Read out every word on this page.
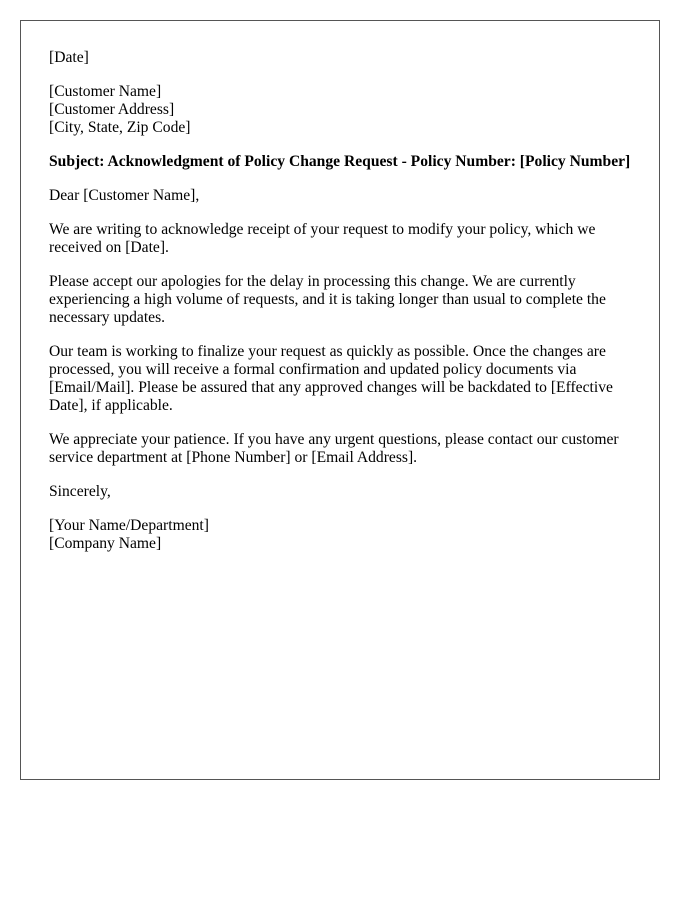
[Date]
[Customer Name]
[Customer Address]
[City, State, Zip Code]

Subject: Acknowledgment of Policy Change Request - Policy Number: [Policy Number]

Dear [Customer Name],

We are writing to acknowledge receipt of your request to modify your policy, which we received on [Date].

Please accept our apologies for the delay in processing this change. We are currently experiencing a high volume of requests, and it is taking longer than usual to complete the necessary updates.

Our team is working to finalize your request as quickly as possible. Once the changes are processed, you will receive a formal confirmation and updated policy documents via [Email/Mail]. Please be assured that any approved changes will be backdated to [Effective Date], if applicable.

We appreciate your patience. If you have any urgent questions, please contact our customer service department at [Phone Number] or [Email Address].

Sincerely,

[Your Name/Department]
[Company Name]
